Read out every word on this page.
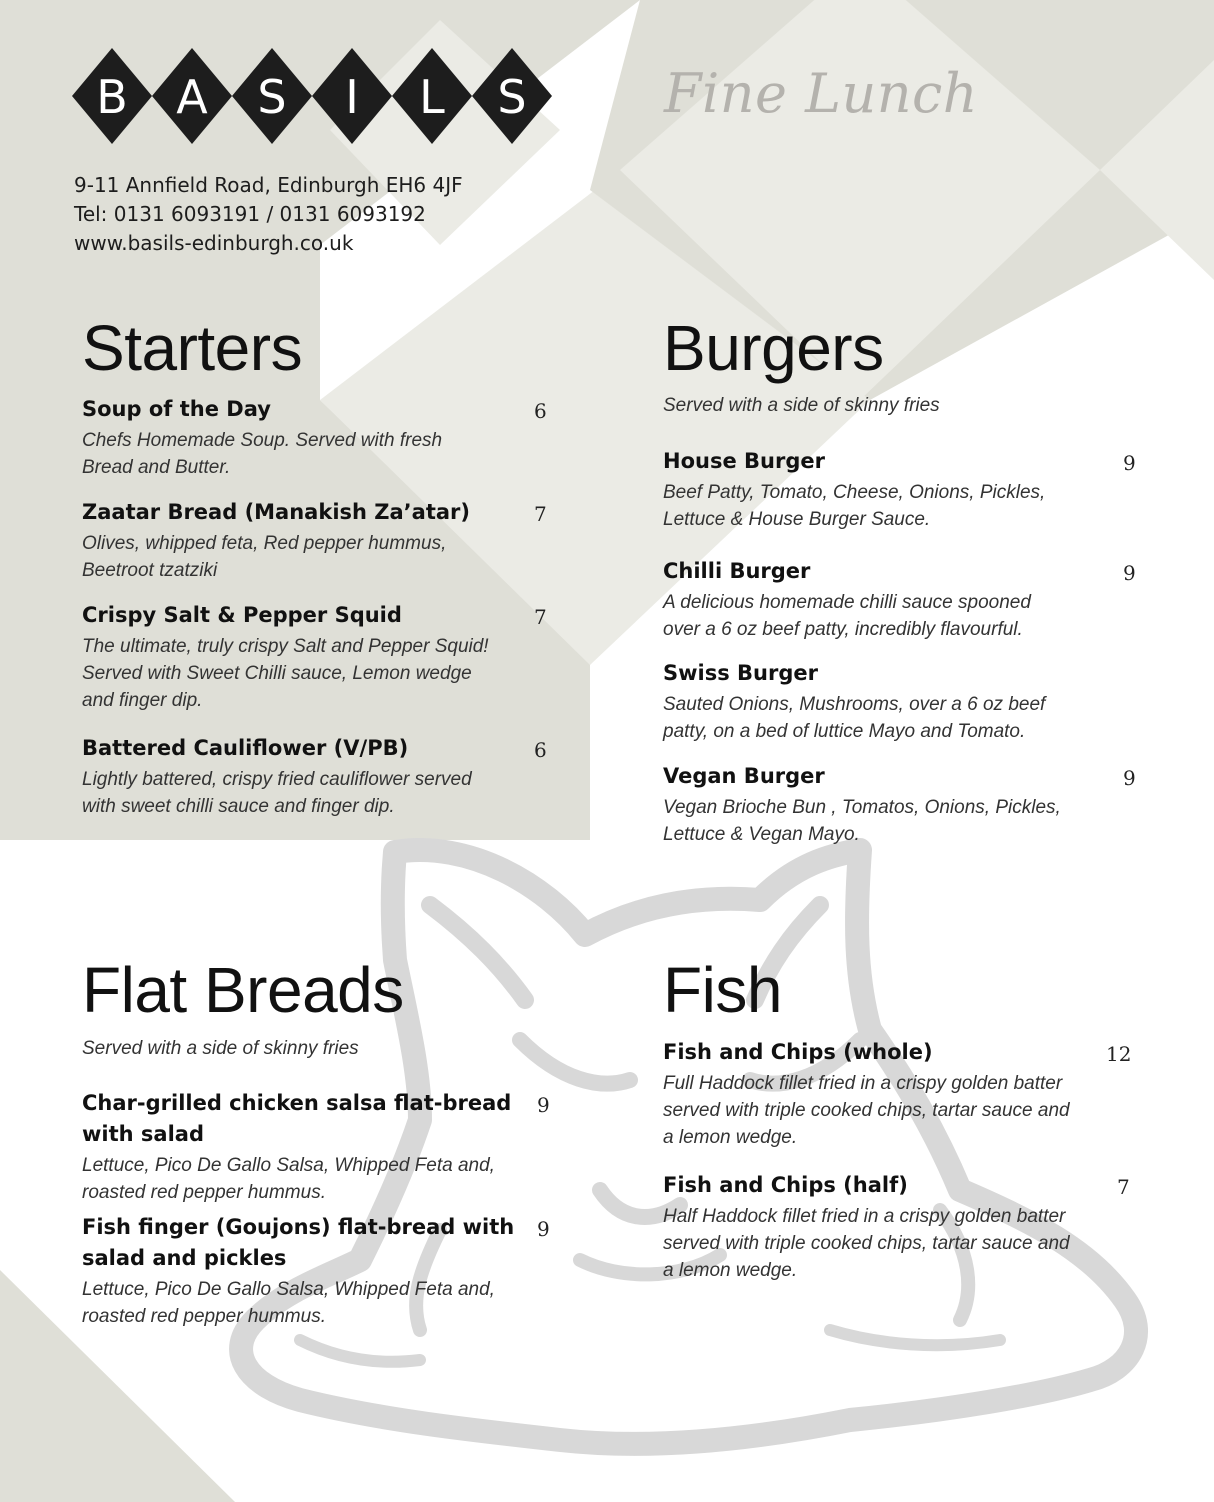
B A S I L S	Fine Lunch
9-11 Annfield Road, Edinburgh EH6 4JF
Tel: 0131 6093191 / 0131 6093192
www.basils-edinburgh.co.uk
Starters
Soup of the Day
Chefs Homemade Soup. Served with fresh
Bread and Butter.
6
Zaatar Bread (Manakish Za’atar)
Olives, whipped feta, Red pepper hummus,
Beetroot tzatziki
7
Crispy Salt & Pepper Squid
The ultimate, truly crispy Salt and Pepper Squid!
Served with Sweet Chilli sauce, Lemon wedge
and finger dip.
7
Battered Cauliflower (V/PB)
Lightly battered, crispy fried cauliflower served
with sweet chilli sauce and finger dip.
6
Burgers
Served with a side of skinny fries
House Burger
Beef Patty, Tomato, Cheese, Onions, Pickles,
Lettuce & House Burger Sauce.
9
Chilli Burger
A delicious homemade chilli sauce spooned
over a 6 oz beef patty, incredibly flavourful.
9
Swiss Burger
Sauted Onions, Mushrooms, over a 6 oz beef
patty, on a bed of luttice Mayo and Tomato.
Vegan Burger
Vegan Brioche Bun , Tomatos, Onions, Pickles,
Lettuce & Vegan Mayo.
9
Flat Breads
Served with a side of skinny fries
Char-grilled chicken salsa flat-bread
with salad
Lettuce, Pico De Gallo Salsa, Whipped Feta and,
roasted red pepper hummus.
9
Fish finger (Goujons) flat-bread with
salad and pickles
Lettuce, Pico De Gallo Salsa, Whipped Feta and,
roasted red pepper hummus.
9
Fish
Fish and Chips (whole)
Full Haddock fillet fried in a crispy golden batter
served with triple cooked chips, tartar sauce and
a lemon wedge.
12
Fish and Chips (half)
Half Haddock fillet fried in a crispy golden batter
served with triple cooked chips, tartar sauce and
a lemon wedge.
7
